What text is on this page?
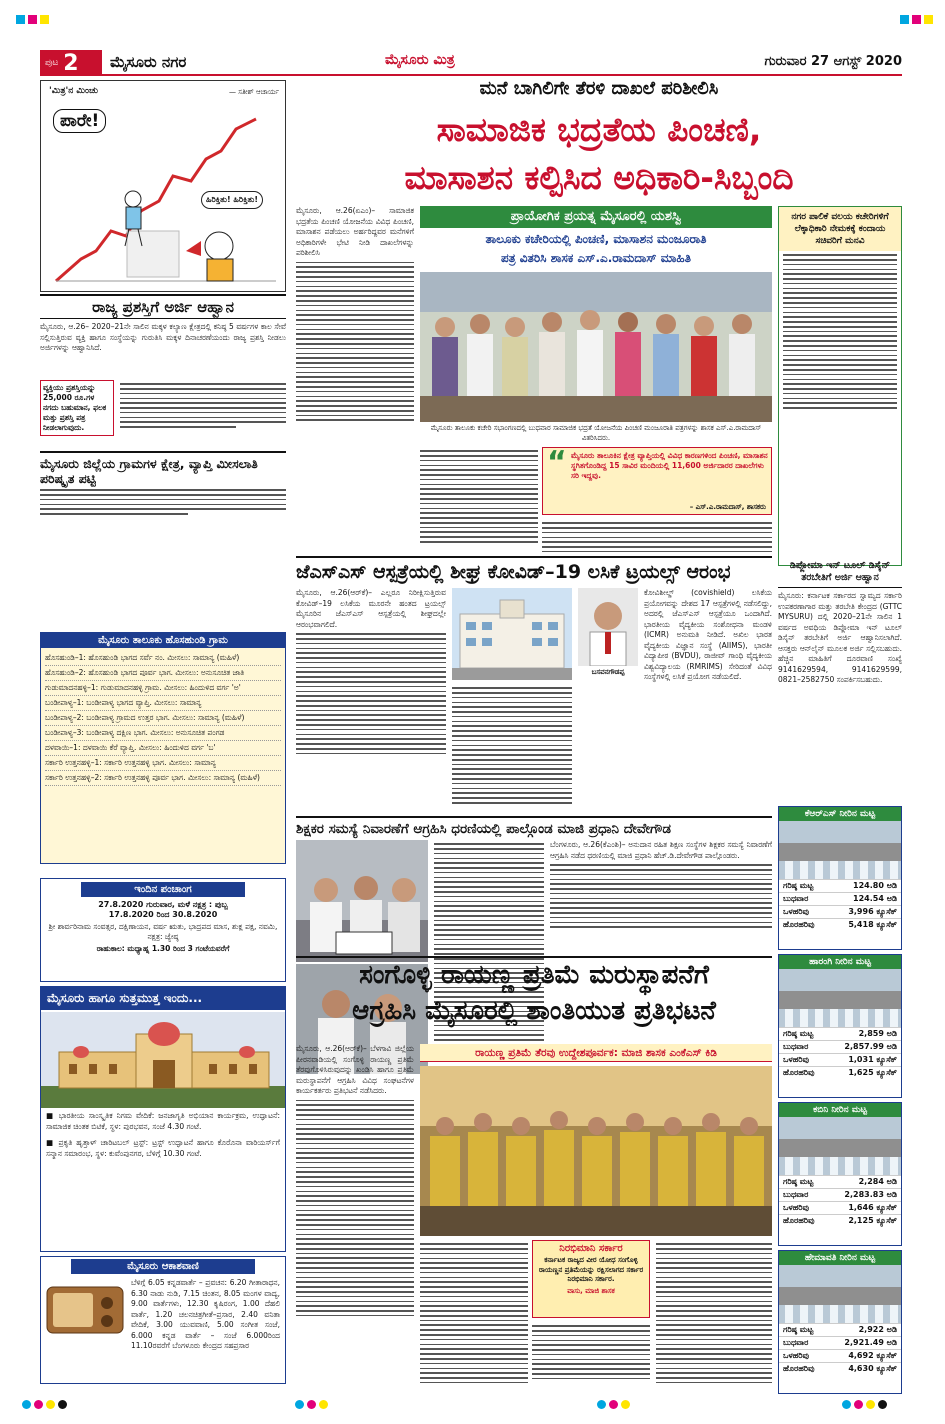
ಪುಟ 2 ಮೈಸೂರು ನಗರ	ಮೈಸೂರು ಮಿತ್ರ	ಗುರುವಾರ 27 ಆಗಸ್ಟ್ 2020
'ಮಿತ್ರ'ನ ಮಿಂಚು	— ಸತೀಶ್ ಆಚಾರ್ಯ
ಪಾರೇ!
ಹಿರಿಕ್ತಿತು! ಹಿರಿಕ್ತಿತು!
ರಾಜ್ಯ ಪ್ರಶಸ್ತಿಗೆ ಅರ್ಜಿ ಆಹ್ವಾನ
ಮೈಸೂರು, ಆ.26– 2020–21ನೇ ಸಾಲಿನ ಮಕ್ಕಳ ಕಲ್ಯಾಣ ಕ್ಷೇತ್ರದಲ್ಲಿ ಕನಿಷ್ಠ 5 ವರ್ಷಗಳ ಕಾಲ ಸೇವೆ ಸಲ್ಲಿಸುತ್ತಿರುವ ವ್ಯಕ್ತಿ ಹಾಗೂ ಸಂಸ್ಥೆಯನ್ನು ಗುರುತಿಸಿ ಮಕ್ಕಳ ದಿನಾಚರಣೆಯಂದು ರಾಜ್ಯ ಪ್ರಶಸ್ತಿ ನೀಡಲು ಅರ್ಜಿಗಳನ್ನು ಆಹ್ವಾನಿಸಿದೆ.
ವ್ಯಕ್ತಿಯು ಪ್ರಶಸ್ತಿಯನ್ನು 25,000 ರೂ.ಗಳ ನಗದು ಬಹುಮಾನ, ಫಲಕ ಮತ್ತು ಪ್ರಶಸ್ತಿ ಪತ್ರ ನೀಡಲಾಗುವುದು.
ಮೈಸೂರು ಜಿಲ್ಲೆಯ ಗ್ರಾಮಗಳ ಕ್ಷೇತ್ರ, ವ್ಯಾಪ್ತಿ ಮೀಸಲಾತಿ ಪರಿಷ್ಕೃತ ಪಟ್ಟಿ
ಮೈಸೂರು ತಾಲೂಕು ಹೊಸಹುಂಡಿ ಗ್ರಾಮ
ಹೊಸಹುಂಡಿ–1: ಹೊಸಹುಂಡಿ ಭಾಗದ ಸರ್ವೆ ನಂ. ಮೀಸಲು: ಸಾಮಾನ್ಯ (ಮಹಿಳೆ)
ಹೊಸಹುಂಡಿ–2: ಹೊಸಹುಂಡಿ ಭಾಗದ ಪೂರ್ವ ಭಾಗ. ಮೀಸಲು: ಅನುಸೂಚಿತ ಜಾತಿ
ಗುಡುಮಾದನಹಳ್ಳಿ–1: ಗುಡುಮಾದನಹಳ್ಳಿ ಗ್ರಾಮ. ಮೀಸಲು: ಹಿಂದುಳಿದ ವರ್ಗ 'ಅ'
ಬಂಡೀಪಾಳ್ಯ–1: ಬಂಡೀಪಾಳ್ಯ ಭಾಗದ ವ್ಯಾಪ್ತಿ. ಮೀಸಲು: ಸಾಮಾನ್ಯ
ಬಂಡೀಪಾಳ್ಯ–2: ಬಂಡೀಪಾಳ್ಯ ಗ್ರಾಮದ ಉತ್ತರ ಭಾಗ. ಮೀಸಲು: ಸಾಮಾನ್ಯ (ಮಹಿಳೆ)
ಬಂಡೀಪಾಳ್ಯ–3: ಬಂಡೀಪಾಳ್ಯ ದಕ್ಷಿಣ ಭಾಗ. ಮೀಸಲು: ಅನುಸೂಚಿತ ಪಂಗಡ
ದಳವಾಯಿ–1: ದಳವಾಯಿ ಕೆರೆ ವ್ಯಾಪ್ತಿ. ಮೀಸಲು: ಹಿಂದುಳಿದ ವರ್ಗ 'ಬ'
ಸರ್ಕಾರಿ ಉತ್ತನಹಳ್ಳಿ–1: ಸರ್ಕಾರಿ ಉತ್ತನಹಳ್ಳಿ ಭಾಗ. ಮೀಸಲು: ಸಾಮಾನ್ಯ
ಸರ್ಕಾರಿ ಉತ್ತನಹಳ್ಳಿ–2: ಸರ್ಕಾರಿ ಉತ್ತನಹಳ್ಳಿ ಪೂರ್ವ ಭಾಗ. ಮೀಸಲು: ಸಾಮಾನ್ಯ (ಮಹಿಳೆ)
ಇಂದಿನ ಪಂಚಾಂಗ
27.8.2020 ಗುರುವಾರ, ಮಳೆ ನಕ್ಷತ್ರ : ಪುಬ್ಬ
17.8.2020 ರಿಂದ 30.8.2020
ಶ್ರೀ ಶಾರ್ವರಿನಾಮ ಸಂವತ್ಸರ, ದಕ್ಷಿಣಾಯನ, ವರ್ಷ ಋತು, ಭಾದ್ರಪದ ಮಾಸ, ಶುಕ್ಲ ಪಕ್ಷ, ನವಮಿ, ನಕ್ಷತ್ರ: ಜ್ಯೇಷ್ಠ
ರಾಹುಕಾಲ: ಮಧ್ಯಾಹ್ನ 1.30 ರಿಂದ 3 ಗಂಟೆಯವರೆಗೆ
ಮೈಸೂರು ಹಾಗೂ ಸುತ್ತಮುತ್ತ ಇಂದು...
■ ಭಾರತೀಯ ಸಾಂಸ್ಕೃತಿಕ ನಿಗಮ ವೇದಿಕೆ: ಜನಜಾಗೃತಿ ಅಭಿಯಾನ ಕಾರ್ಯಕ್ರಮ, ಉದ್ಘಾಟನೆ: ಸಾಮಾಜಿಕ ಚಿಂತಕ ಬಿಟಿಕೆ, ಸ್ಥಳ: ಪುರಭವನ, ಸಂಜೆ 4.30 ಗಂಟೆ.
■ ಪ್ರಕೃತಿ ಹೃತ್ತಾಳ್ ಚಾರಿಟಬಲ್ ಟ್ರಸ್ಟ್: ಟ್ರಸ್ಟ್ ಉದ್ಘಾಟನೆ ಹಾಗೂ ಕೊರೊನಾ ವಾರಿಯರ್ಸ್‌ಗೆ ಸನ್ಮಾನ ಸಮಾರಂಭ, ಸ್ಥಳ: ಕುವೆಂಪುನಗರ, ಬೆಳಿಗ್ಗೆ 10.30 ಗಂಟೆ.
ಮೈಸೂರು ಆಕಾಶವಾಣಿ
ಬೆಳಿಗ್ಗೆ 6.05 ಕನ್ನಡವಾರ್ತೆ – ಪ್ರವಚನ: 6.20 ಗೀತಾರಾಧನ, 6.30 ನಾಡು ನುಡಿ, 7.15 ಚಿಂತನ, 8.05 ಮಂಗಳ ವಾದ್ಯ, 9.00 ವಾರ್ತೆಗಳು, 12.30 ಕೃಷಿರಂಗ, 1.00 ದೆಹಲಿ ವಾರ್ತೆ, 1.20 ಚಲನಚಿತ್ರಗೀತೆ–ಪ್ರಸಾರ, 2.40 ವನಿತಾ ವೇದಿಕೆ, 3.00 ಯುವವಾಣಿ, 5.00 ಸಂಗೀತ ಸಂಜೆ, 6.000 ಕನ್ನಡ ವಾರ್ತೆ – ಸಂಜೆ 6.000ರಿಂದ 11.10ರವರೆಗೆ ಬೆಂಗಳೂರು ಕೇಂದ್ರದ ಸಹಪ್ರಸಾರ
ಮನೆ ಬಾಗಿಲಿಗೇ ತೆರಳಿ ದಾಖಲೆ ಪರಿಶೀಲಿಸಿ
ಸಾಮಾಜಿಕ ಭದ್ರತೆಯ ಪಿಂಚಣಿ,
ಮಾಸಾಶನ ಕಲ್ಪಿಸಿದ ಅಧಿಕಾರಿ-ಸಿಬ್ಬಂದಿ
ಮೈಸೂರು, ಆ.26(ಏಎಂ)– ಸಾಮಾಜಿಕ ಭದ್ರತೆಯ ಪಿಂಚಣಿ ಯೋಜನೆಯ ವಿವಿಧ ಪಿಂಚಣಿ, ಮಾಸಾಶನ ಪಡೆಯಲು ಅರ್ಹರಿದ್ದವರ ಮನೆಗಳಿಗೆ ಅಧಿಕಾರಿಗಳೇ ಭೇಟಿ ನೀಡಿ ದಾಖಲೆಗಳನ್ನು ಪರಿಶೀಲಿಸಿ
ಪ್ರಾಯೋಗಿಕ ಪ್ರಯತ್ನ ಮೈಸೂರಲ್ಲಿ ಯಶಸ್ವಿ
ತಾಲೂಕು ಕಚೇರಿಯಲ್ಲಿ ಪಿಂಚಣಿ, ಮಾಸಾಶನ ಮಂಜೂರಾತಿ
ಪತ್ರ ವಿತರಿಸಿ ಶಾಸಕ ಎಸ್.ಎ.ರಾಮದಾಸ್ ಮಾಹಿತಿ
ಮೈಸೂರು ತಾಲೂಕು ಕಚೇರಿ ಸಭಾಂಗಣದಲ್ಲಿ ಬುಧವಾರ ಸಾಮಾಜಿಕ ಭದ್ರತೆ ಯೋಜನೆಯ ಪಿಂಚಣಿ ಮಂಜೂರಾತಿ ಪತ್ರಗಳನ್ನು ಶಾಸಕ ಎಸ್.ಎ.ರಾಮದಾಸ್ ವಿತರಿಸಿದರು.
“ ಮೈಸೂರು ತಾಲೂಕಿನ ಕ್ಷೇತ್ರ ವ್ಯಾಪ್ತಿಯಲ್ಲಿ ವಿವಿಧ ಕಾರಣಗಳಿಂದ ಪಿಂಚಣಿ, ಮಾಸಾಶನ ಸ್ಥಗಿತಗೊಂಡಿದ್ದ 15 ಸಾವಿರ ಮಂದಿಯಲ್ಲಿ 11,600 ಅರ್ಜಿದಾರರ ದಾಖಲೆಗಳು ಸರಿ ಇದ್ದವು.
– ಎಸ್.ಎ.ರಾಮದಾಸ್, ಶಾಸಕರು
ನಗರ ಪಾಲಿಕೆ ವಲಯ ಕಚೇರಿಗಳಿಗೆ ಲೆಕ್ಕಾಧಿಕಾರಿ ನೇಮಕಕ್ಕೆ ಕಂದಾಯ ಸಚಿವರಿಗೆ ಮನವಿ
ಜೆಎಸ್‌ಎಸ್ ಆಸ್ಪತ್ರೆಯಲ್ಲಿ ಶೀಘ್ರ ಕೋವಿಡ್–19 ಲಸಿಕೆ ಟ್ರಯಲ್ಸ್ ಆರಂಭ
ಮೈಸೂರು, ಆ.26(ಆರ್‌ಕೆ)– ಎಲ್ಲರೂ ನಿರೀಕ್ಷಿಸುತ್ತಿರುವ ಕೋವಿಡ್–19 ಲಸಿಕೆಯ ಮೂರನೇ ಹಂತದ ಟ್ರಯಲ್ಸ್ ಮೈಸೂರಿನ ಜೆಎಸ್‌ಎಸ್ ಆಸ್ಪತ್ರೆಯಲ್ಲಿ ಶೀಘ್ರದಲ್ಲೇ ಆರಂಭವಾಗಲಿದೆ.
ಬಸವನಗೌಡಪ್ಪ
ಕೋವಿಶೀಲ್ಡ್ (covishield) ಲಸಿಕೆಯ ಪ್ರಯೋಗವನ್ನು ದೇಶದ 17 ಆಸ್ಪತ್ರೆಗಳಲ್ಲಿ ನಡೆಸಲಿದ್ದು, ಅದರಲ್ಲಿ ಜೆಎಸ್‌ಎಸ್ ಆಸ್ಪತ್ರೆಯೂ ಒಂದಾಗಿದೆ. ಭಾರತೀಯ ವೈದ್ಯಕೀಯ ಸಂಶೋಧನಾ ಮಂಡಳಿ (ICMR) ಅನುಮತಿ ನೀಡಿದೆ. ಅಖಿಲ ಭಾರತ ವೈದ್ಯಕೀಯ ವಿಜ್ಞಾನ ಸಂಸ್ಥೆ (AIIMS), ಭಾರತೀ ವಿದ್ಯಾಪೀಠ (BVDU), ರಾಜೀವ್ ಗಾಂಧಿ ವೈದ್ಯಕೀಯ ವಿಶ್ವವಿದ್ಯಾಲಯ (RMRIMS) ಸೇರಿದಂತೆ ವಿವಿಧ ಸಂಸ್ಥೆಗಳಲ್ಲಿ ಲಸಿಕೆ ಪ್ರಯೋಗ ನಡೆಯಲಿದೆ.
ಡಿಪ್ಲೋಮಾ ಇನ್ ಟೂಲ್ ಡಿಸೈನ್ ತರಬೇತಿಗೆ ಅರ್ಜಿ ಆಹ್ವಾನ
ಮೈಸೂರು: ಕರ್ನಾಟಕ ಸರ್ಕಾರದ ಸ್ವಾಮ್ಯದ ಸರ್ಕಾರಿ ಉಪಕರಣಾಗಾರ ಮತ್ತು ತರಬೇತಿ ಕೇಂದ್ರದ (GTTC MYSURU) ದಲ್ಲಿ 2020–21ನೇ ಸಾಲಿನ 1 ವರ್ಷದ ಅವಧಿಯ ಡಿಪ್ಲೋಮಾ ಇನ್ ಟೂಲ್ ಡಿಸೈನ್ ತರಬೇತಿಗೆ ಅರ್ಜಿ ಆಹ್ವಾನಿಸಲಾಗಿದೆ. ಆಸಕ್ತರು ಆನ್‌ಲೈನ್ ಮೂಲಕ ಅರ್ಜಿ ಸಲ್ಲಿಸಬಹುದು. ಹೆಚ್ಚಿನ ಮಾಹಿತಿಗೆ ದೂರವಾಣಿ ಸಂಖ್ಯೆ 9141629594, 9141629599, 0821–2582750 ಸಂಪರ್ಕಿಸಬಹುದು.
ಶಿಕ್ಷಕರ ಸಮಸ್ಯೆ ನಿವಾರಣೆಗೆ ಆಗ್ರಹಿಸಿ ಧರಣಿಯಲ್ಲಿ ಪಾಲ್ಗೊಂಡ ಮಾಜಿ ಪ್ರಧಾನಿ ದೇವೇಗೌಡ
ಬೆಂಗಳೂರು, ಆ.26(ಕೆಎಂಶಿ)– ಅನುದಾನ ರಹಿತ ಶಿಕ್ಷಣ ಸಂಸ್ಥೆಗಳ ಶಿಕ್ಷಕರ ಸಮಸ್ಯೆ ನಿವಾರಣೆಗೆ ಆಗ್ರಹಿಸಿ ನಡೆದ ಧರಣಿಯಲ್ಲಿ ಮಾಜಿ ಪ್ರಧಾನಿ ಹೆಚ್.ಡಿ.ದೇವೇಗೌಡ ಪಾಲ್ಗೊಂಡರು.
ಸಂಗೊಳ್ಳಿ ರಾಯಣ್ಣ ಪ್ರತಿಮೆ ಮರುಸ್ಥಾಪನೆಗೆ
ಆಗ್ರಹಿಸಿ ಮೈಸೂರಲ್ಲಿ ಶಾಂತಿಯುತ ಪ್ರತಿಭಟನೆ
ಮೈಸೂರು, ಆ.26(ಆರ್‌ಕೆ)– ಬೆಳಗಾವಿ ಜಿಲ್ಲೆಯ ಪೀರನವಾಡಿಯಲ್ಲಿ ಸಂಗೊಳ್ಳಿ ರಾಯಣ್ಣ ಪ್ರತಿಮೆ ತೆರವುಗೊಳಿಸಿರುವುದನ್ನು ಖಂಡಿಸಿ ಹಾಗೂ ಪ್ರತಿಮೆ ಮರುಸ್ಥಾಪನೆಗೆ ಆಗ್ರಹಿಸಿ ವಿವಿಧ ಸಂಘಟನೆಗಳ ಕಾರ್ಯಕರ್ತರು ಪ್ರತಿಭಟನೆ ನಡೆಸಿದರು.
ರಾಯಣ್ಣ ಪ್ರತಿಮೆ ತೆರವು ಉದ್ದೇಶಪೂರ್ವಕ: ಮಾಜಿ ಶಾಸಕ ಎಂಕೆಎಸ್ ಕಿಡಿ
ನಿರಭಿಮಾನಿ ಸರ್ಕಾರ
ಕರ್ನಾಟಕ ರಾಜ್ಯದ ವೀರ ಯೋಧ ಸಂಗೊಳ್ಳಿ ರಾಯಣ್ಣನ ಪ್ರತಿಮೆಯನ್ನು ರಕ್ಷಿಸಲಾಗದ ಸರ್ಕಾರ ನಿರಭಿಮಾನಿ ಸರ್ಕಾರ.
ವಾಸು, ಮಾಜಿ ಶಾಸಕ
ಕೆಆರ್‌ಎಸ್ ನೀರಿನ ಮಟ್ಟ
ಗರಿಷ್ಠ ಮಟ್ಟ	124.80 ಅಡಿ
ಬುಧವಾರ	124.54 ಅಡಿ
ಒಳಹರಿವು	3,996 ಕ್ಯೂಸೆಕ್
ಹೊರಹರಿವು	5,418 ಕ್ಯೂಸೆಕ್
ಹಾರಂಗಿ ನೀರಿನ ಮಟ್ಟ
ಗರಿಷ್ಠ ಮಟ್ಟ	2,859 ಅಡಿ
ಬುಧವಾರ	2,857.99 ಅಡಿ
ಒಳಹರಿವು	1,031 ಕ್ಯೂಸೆಕ್
ಹೊರಹರಿವು	1,625 ಕ್ಯೂಸೆಕ್
ಕಬಿನಿ ನೀರಿನ ಮಟ್ಟ
ಗರಿಷ್ಠ ಮಟ್ಟ	2,284 ಅಡಿ
ಬುಧವಾರ	2,283.83 ಅಡಿ
ಒಳಹರಿವು	1,646 ಕ್ಯೂಸೆಕ್
ಹೊರಹರಿವು	2,125 ಕ್ಯೂಸೆಕ್
ಹೇಮಾವತಿ ನೀರಿನ ಮಟ್ಟ
ಗರಿಷ್ಠ ಮಟ್ಟ	2,922 ಅಡಿ
ಬುಧವಾರ	2,921.49 ಅಡಿ
ಒಳಹರಿವು	4,692 ಕ್ಯೂಸೆಕ್
ಹೊರಹರಿವು	4,630 ಕ್ಯೂಸೆಕ್
